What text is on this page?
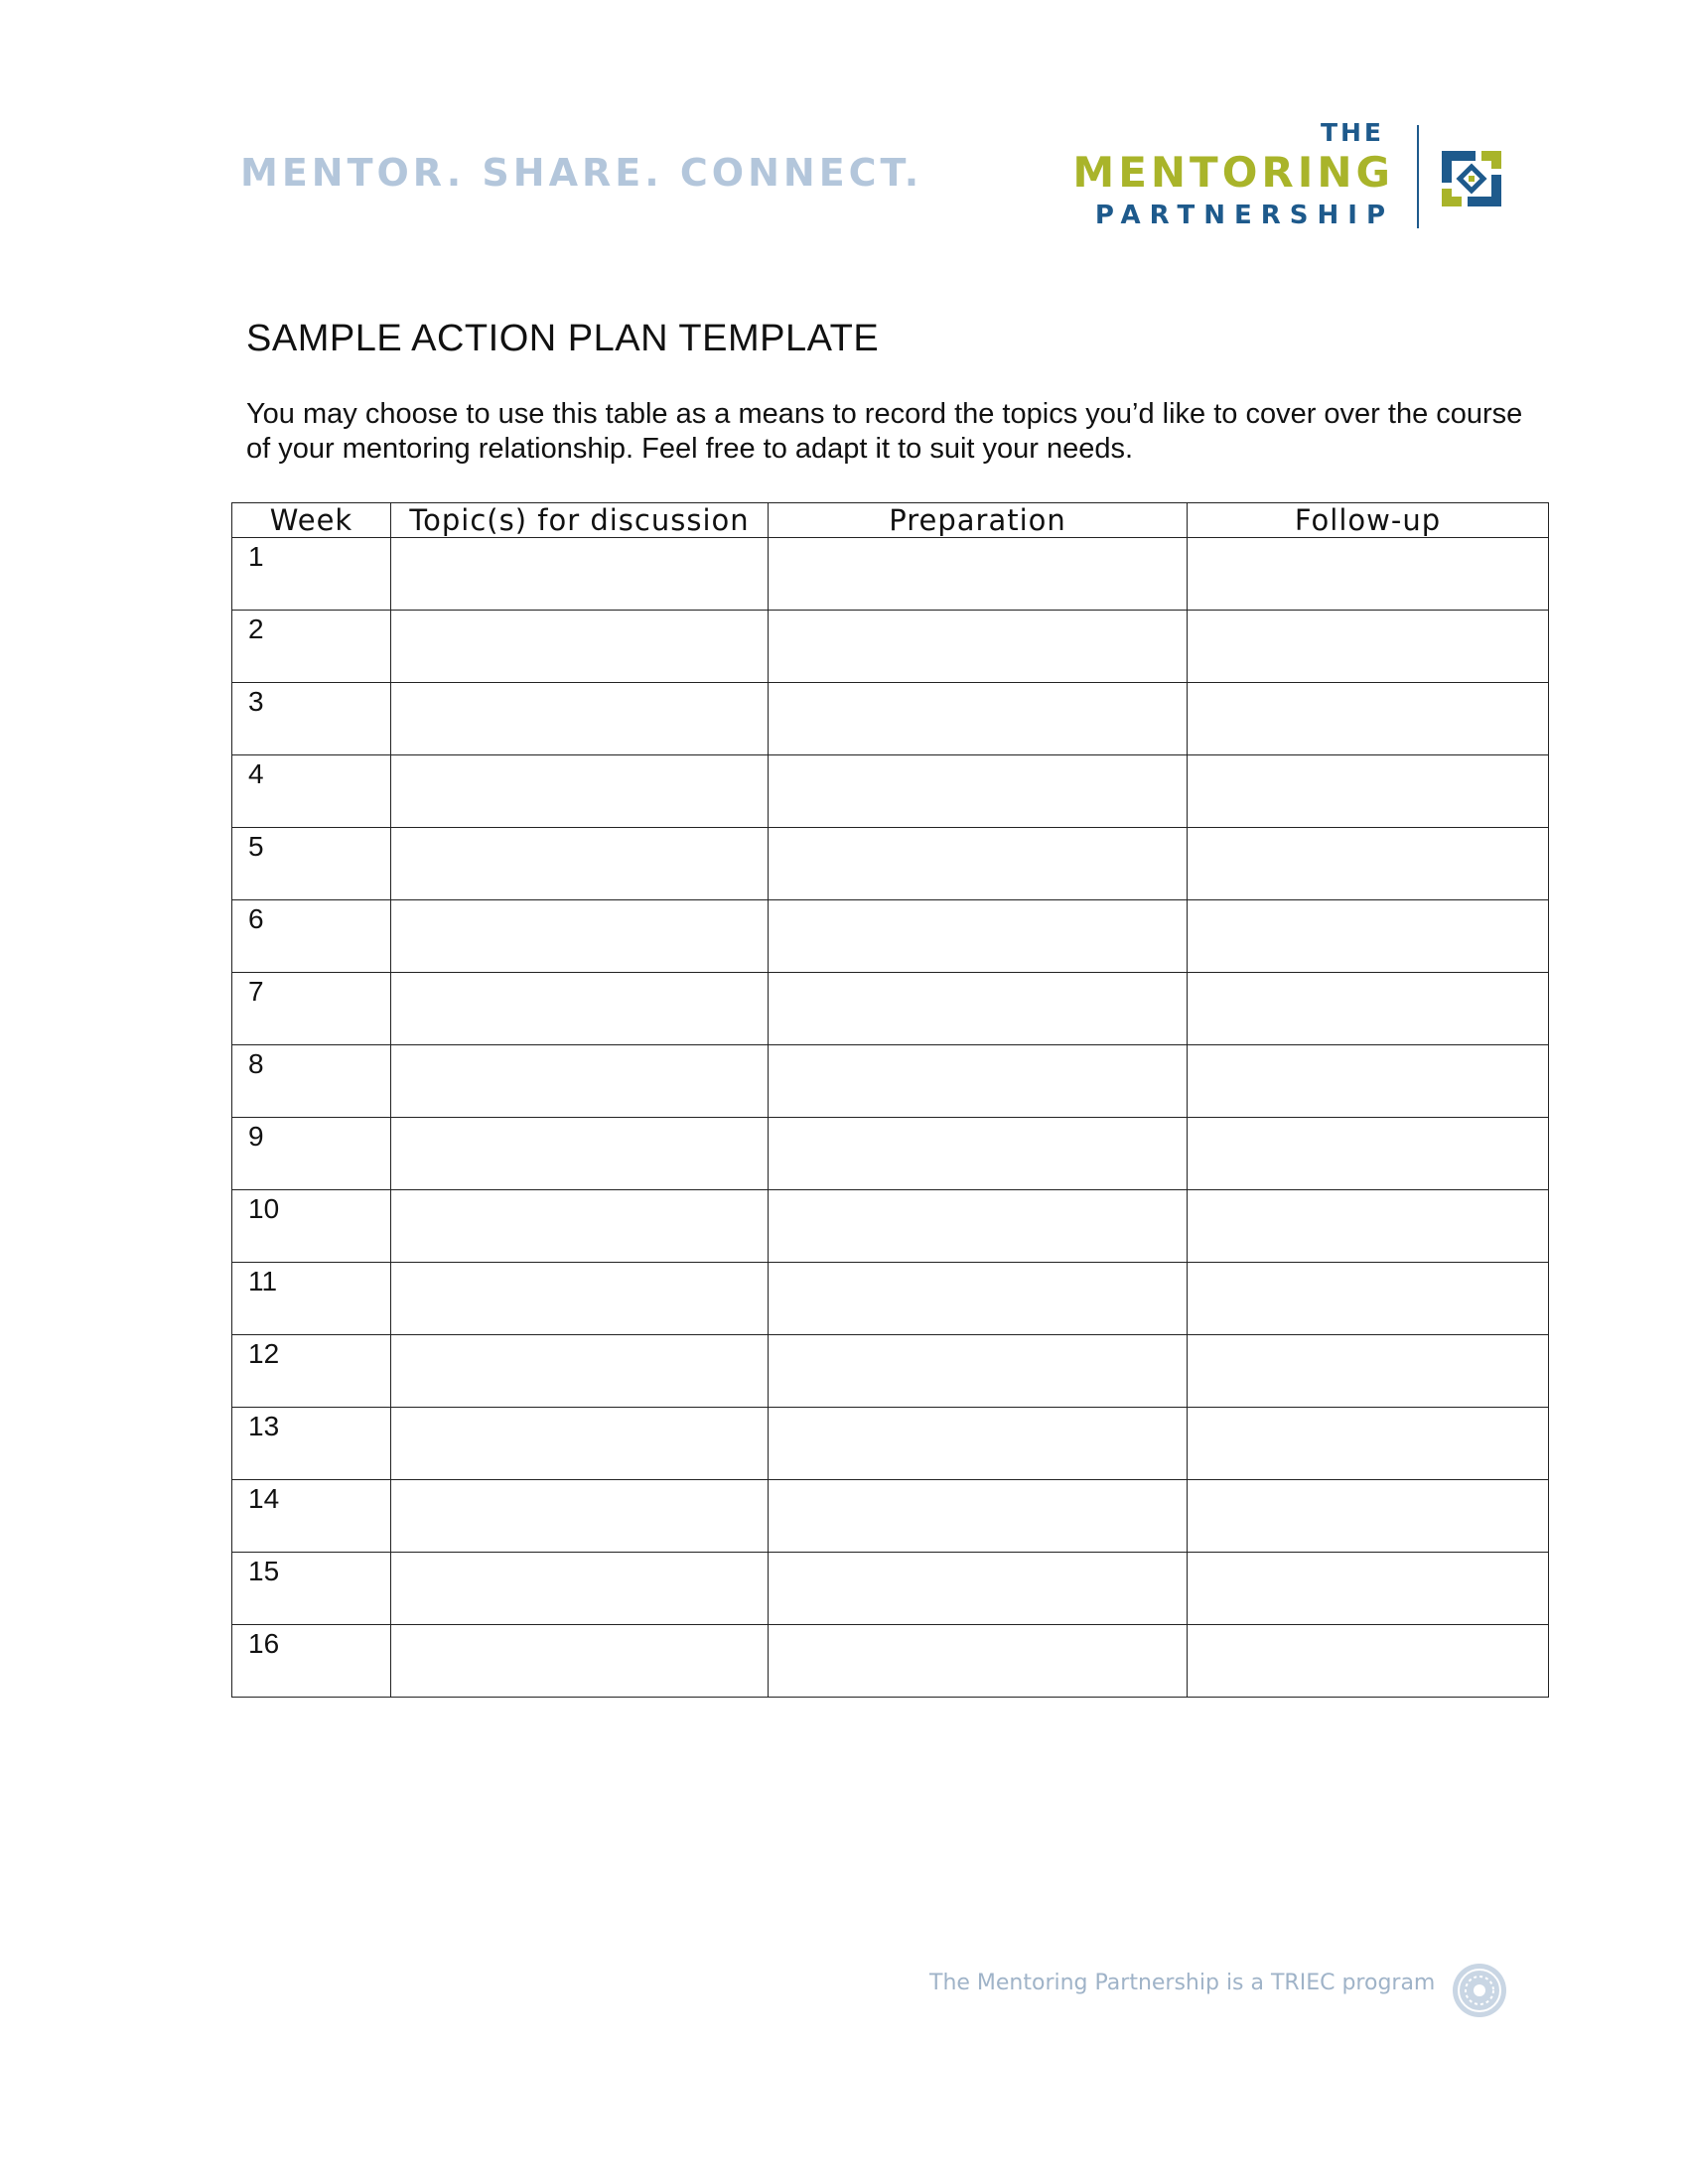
MENTOR. SHARE. CONNECT.
THE
MENTORING
PARTNERSHIP
SAMPLE ACTION PLAN TEMPLATE
You may choose to use this table as a means to record the topics you’d like to cover over the course of your mentoring relationship. Feel free to adapt it to suit your needs.
Week	Topic(s) for discussion	Preparation	Follow-up
1			
2			
3			
4			
5			
6			
7			
8			
9			
10			
11			
12			
13			
14			
15			
16			
The Mentoring Partnership is a TRIEC program
